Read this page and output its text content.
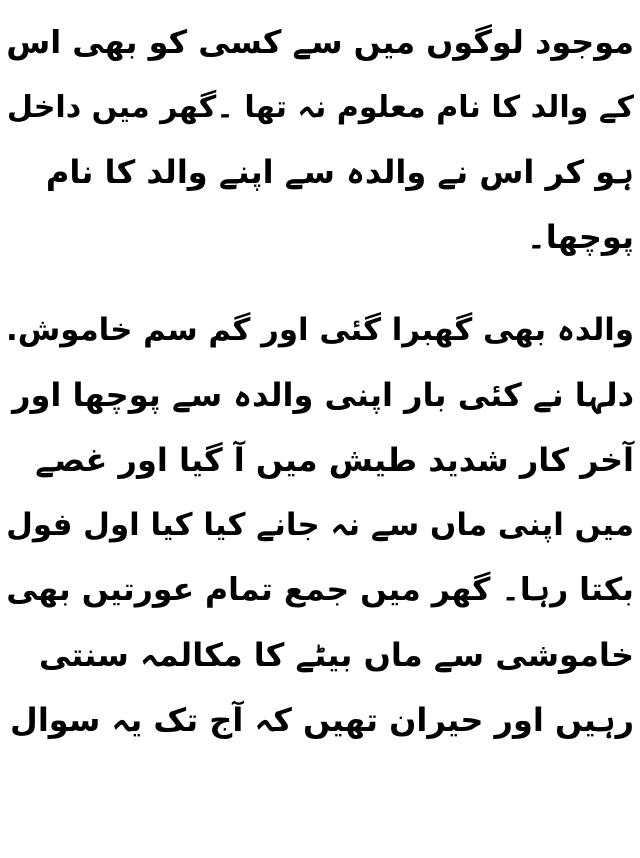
موجود لوگوں میں سے کسی کو بھی اس
کے والد کا نام معلوم نہ تھا ۔گھر میں داخل
ہو کر اس نے والدہ سے اپنے والد کا نام
پوچھا۔

والدہ بھی گھبرا گئی اور گم سم خاموش.
دلہا نے کئی بار اپنی والدہ سے پوچھا اور
آخر کار شدید طیش میں آ گیا اور غصے
میں اپنی ماں سے نہ جانے کیا کیا اول فول
بکتا رہا۔ گھر میں جمع تمام عورتیں بھی
خاموشی سے ماں بیٹے کا مکالمہ سنتی
رہیں اور حیران تھیں کہ آج تک یہ سوال
